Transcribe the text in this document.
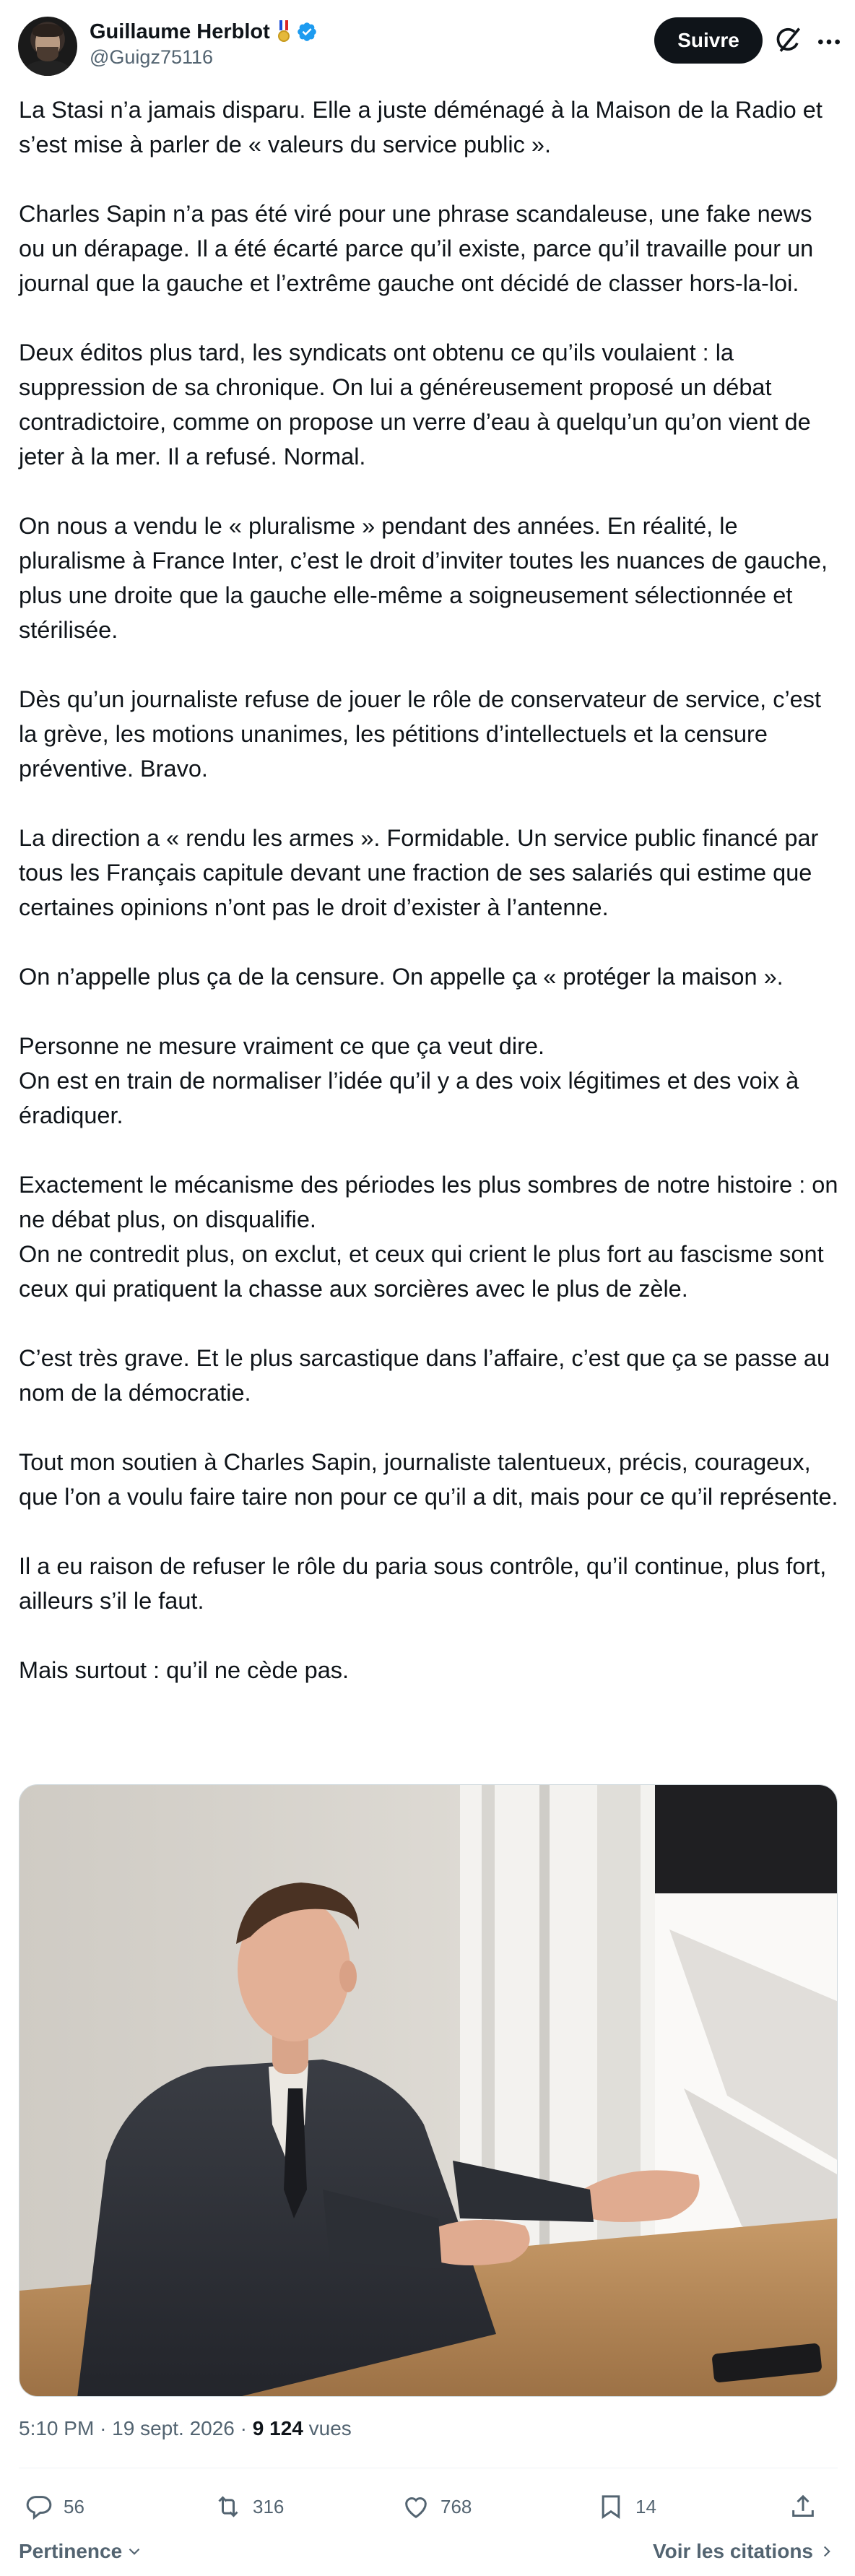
Guillaume Herblot
@Guigz75116
Suivre

La Stasi n’a jamais disparu. Elle a juste déménagé à la Maison de la Radio et s’est mise à parler de « valeurs du service public ».

Charles Sapin n’a pas été viré pour une phrase scandaleuse, une fake news ou un dérapage. Il a été écarté parce qu’il existe, parce qu’il travaille pour un journal que la gauche et l’extrême gauche ont décidé de classer hors-la-loi.

Deux éditos plus tard, les syndicats ont obtenu ce qu’ils voulaient : la suppression de sa chronique. On lui a généreusement proposé un débat contradictoire, comme on propose un verre d’eau à quelqu’un qu’on vient de jeter à la mer. Il a refusé. Normal.

On nous a vendu le « pluralisme » pendant des années. En réalité, le pluralisme à France Inter, c’est le droit d’inviter toutes les nuances de gauche, plus une droite que la gauche elle-même a soigneusement sélectionnée et stérilisée.

Dès qu’un journaliste refuse de jouer le rôle de conservateur de service, c’est la grève, les motions unanimes, les pétitions d’intellectuels et la censure préventive. Bravo.

La direction a « rendu les armes ». Formidable. Un service public financé par tous les Français capitule devant une fraction de ses salariés qui estime que certaines opinions n’ont pas le droit d’exister à l’antenne.

On n’appelle plus ça de la censure. On appelle ça « protéger la maison ».

Personne ne mesure vraiment ce que ça veut dire.
On est en train de normaliser l’idée qu’il y a des voix légitimes et des voix à éradiquer.

Exactement le mécanisme des périodes les plus sombres de notre histoire : on ne débat plus, on disqualifie.
On ne contredit plus, on exclut, et ceux qui crient le plus fort au fascisme sont ceux qui pratiquent la chasse aux sorcières avec le plus de zèle.

C’est très grave. Et le plus sarcastique dans l’affaire, c’est que ça se passe au nom de la démocratie.

Tout mon soutien à Charles Sapin, journaliste talentueux, précis, courageux, que l’on a voulu faire taire non pour ce qu’il a dit, mais pour ce qu’il représente.

Il a eu raison de refuser le rôle du paria sous contrôle, qu’il continue, plus fort, ailleurs s’il le faut.

Mais surtout : qu’il ne cède pas.

5:10 PM · 19 sept. 2026 · 9 124 vues
56	316	768	14
Pertinence	Voir les citations
